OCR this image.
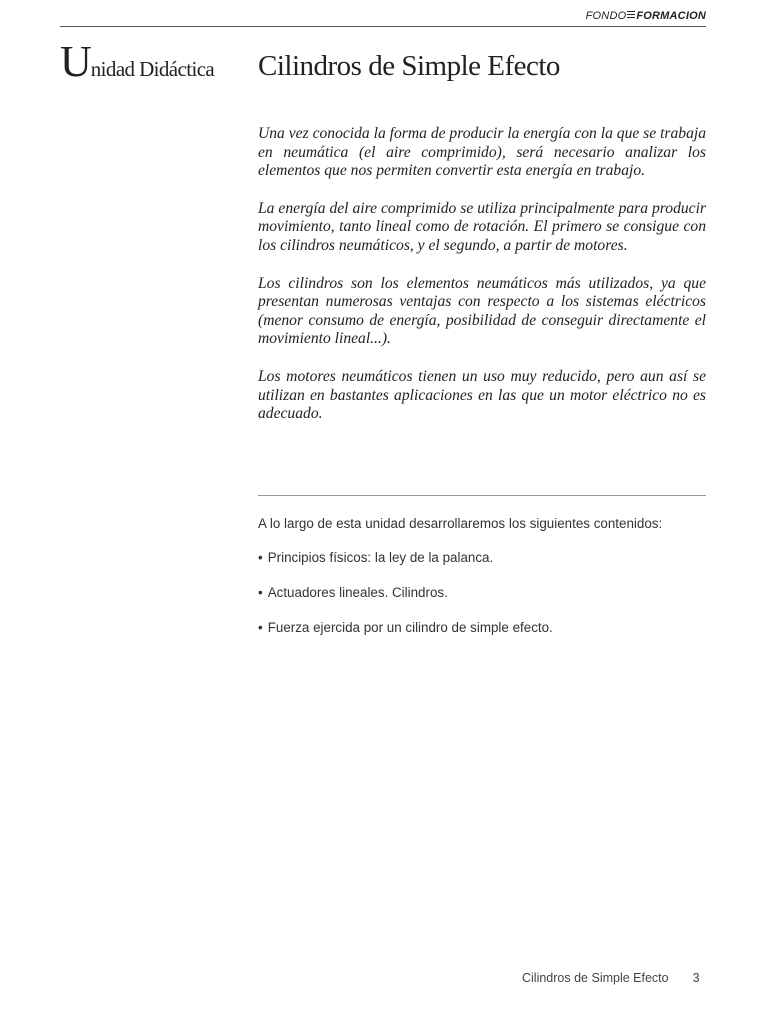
FONDO FORMACION
Unidad Didáctica Cilindros de Simple Efecto

Una vez conocida la forma de producir la energía con la que se trabaja en neumática (el aire comprimido), será necesario analizar los elementos que nos permiten convertir esta energía en trabajo.

La energía del aire comprimido se utiliza principalmente para producir movimiento, tanto lineal como de rotación. El primero se consigue con los cilindros neumáticos, y el segundo, a partir de motores.

Los cilindros son los elementos neumáticos más utilizados, ya que presentan numerosas ventajas con respecto a los sistemas eléctricos (menor consumo de energía, posibilidad de conseguir directamente el movimiento lineal...).

Los motores neumáticos tienen un uso muy reducido, pero aun así se utilizan en bastantes aplicaciones en las que un motor eléctrico no es adecuado.

A lo largo de esta unidad desarrollaremos los siguientes contenidos:

• Principios físicos: la ley de la palanca.
• Actuadores lineales. Cilindros.
• Fuerza ejercida por un cilindro de simple efecto.
Cilindros de Simple Efecto 3
